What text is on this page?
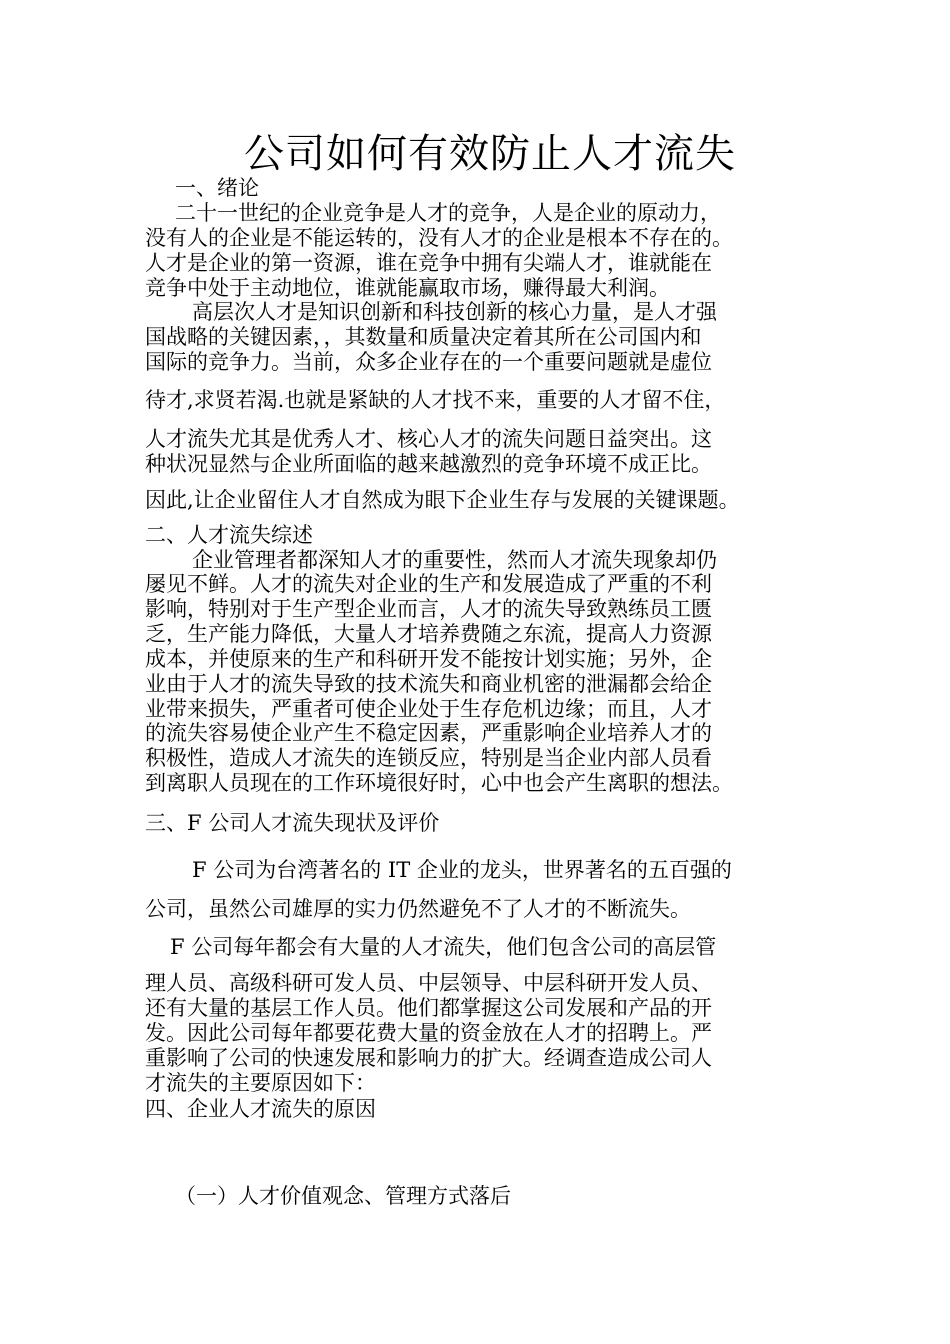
公司如何有效防止人才流失
一、绪论
二十一世纪的企业竞争是人才的竞争，人是企业的原动力，
没有人的企业是不能运转的，没有人才的企业是根本不存在的。
人才是企业的第一资源，谁在竞争中拥有尖端人才，谁就能在
竞争中处于主动地位，谁就能赢取市场，赚得最大利润。
高层次人才是知识创新和科技创新的核心力量，是人才强
国战略的关键因素，，其数量和质量决定着其所在公司国内和
国际的竞争力。当前，众多企业存在的一个重要问题就是虚位
待才,求贤若渴.也就是紧缺的人才找不来，重要的人才留不住，
人才流失尤其是优秀人才、核心人才的流失问题日益突出。这
种状况显然与企业所面临的越来越激烈的竞争环境不成正比。
因此,让企业留住人才自然成为眼下企业生存与发展的关键课题。
二、人才流失综述
企业管理者都深知人才的重要性，然而人才流失现象却仍
屡见不鲜。人才的流失对企业的生产和发展造成了严重的不利
影响，特别对于生产型企业而言，人才的流失导致熟练员工匮
乏，生产能力降低，大量人才培养费随之东流，提高人力资源
成本，并使原来的生产和科研开发不能按计划实施；另外，企
业由于人才的流失导致的技术流失和商业机密的泄漏都会给企
业带来损失，严重者可使企业处于生存危机边缘；而且，人才
的流失容易使企业产生不稳定因素，严重影响企业培养人才的
积极性，造成人才流失的连锁反应，特别是当企业内部人员看
到离职人员现在的工作环境很好时，心中也会产生离职的想法。
三、F 公司人才流失现状及评价
F 公司为台湾著名的 IT 企业的龙头，世界著名的五百强的
公司，虽然公司雄厚的实力仍然避免不了人才的不断流失。
F 公司每年都会有大量的人才流失，他们包含公司的高层管
理人员、高级科研可发人员、中层领导、中层科研开发人员、
还有大量的基层工作人员。他们都掌握这公司发展和产品的开
发。因此公司每年都要花费大量的资金放在人才的招聘上。严
重影响了公司的快速发展和影响力的扩大。经调查造成公司人
才流失的主要原因如下：
四、企业人才流失的原因
（一）人才价值观念、管理方式落后
